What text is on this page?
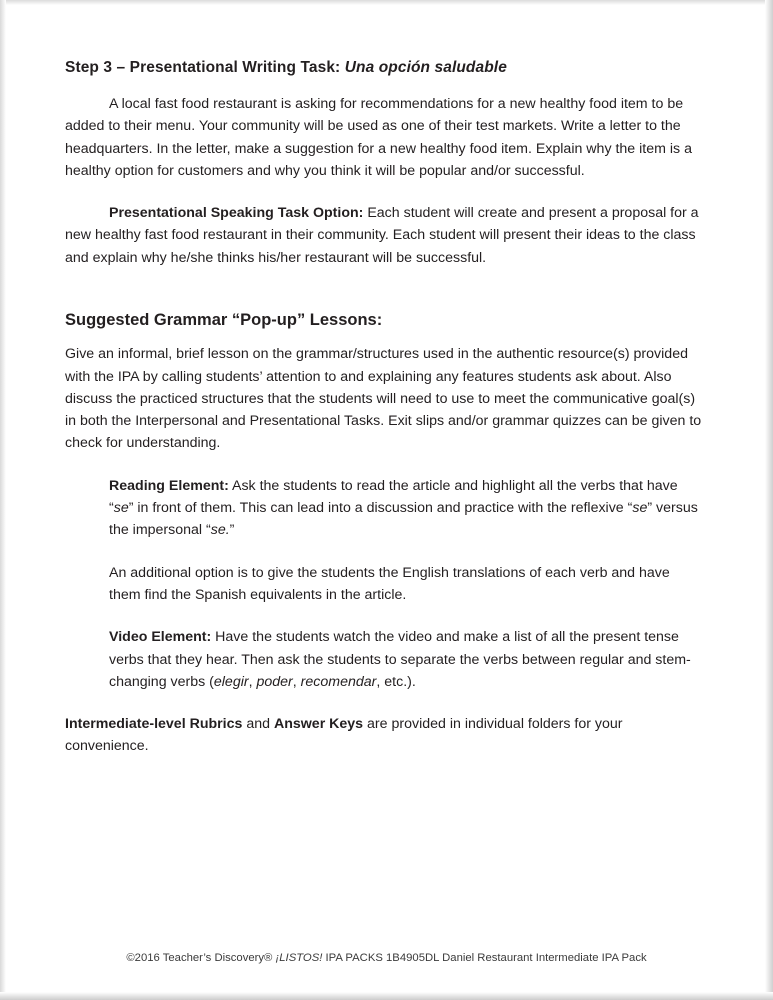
Step 3 – Presentational Writing Task: Una opción saludable

A local fast food restaurant is asking for recommendations for a new healthy food item to be added to their menu. Your community will be used as one of their test markets. Write a letter to the headquarters. In the letter, make a suggestion for a new healthy food item. Explain why the item is a healthy option for customers and why you think it will be popular and/or successful.

Presentational Speaking Task Option: Each student will create and present a proposal for a new healthy fast food restaurant in their community. Each student will present their ideas to the class and explain why he/she thinks his/her restaurant will be successful.

Suggested Grammar “Pop-up” Lessons:

Give an informal, brief lesson on the grammar/structures used in the authentic resource(s) provided with the IPA by calling students’ attention to and explaining any features students ask about. Also discuss the practiced structures that the students will need to use to meet the communicative goal(s) in both the Interpersonal and Presentational Tasks. Exit slips and/or grammar quizzes can be given to check for understanding.

Reading Element: Ask the students to read the article and highlight all the verbs that have “se” in front of them. This can lead into a discussion and practice with the reflexive “se” versus the impersonal “se.”

An additional option is to give the students the English translations of each verb and have them find the Spanish equivalents in the article.

Video Element: Have the students watch the video and make a list of all the present tense verbs that they hear. Then ask the students to separate the verbs between regular and stem-changing verbs (elegir, poder, recomendar, etc.).

Intermediate-level Rubrics and Answer Keys are provided in individual folders for your convenience.

©2016 Teacher’s Discovery® ¡LISTOS! IPA PACKS 1B4905DL Daniel Restaurant Intermediate IPA Pack
